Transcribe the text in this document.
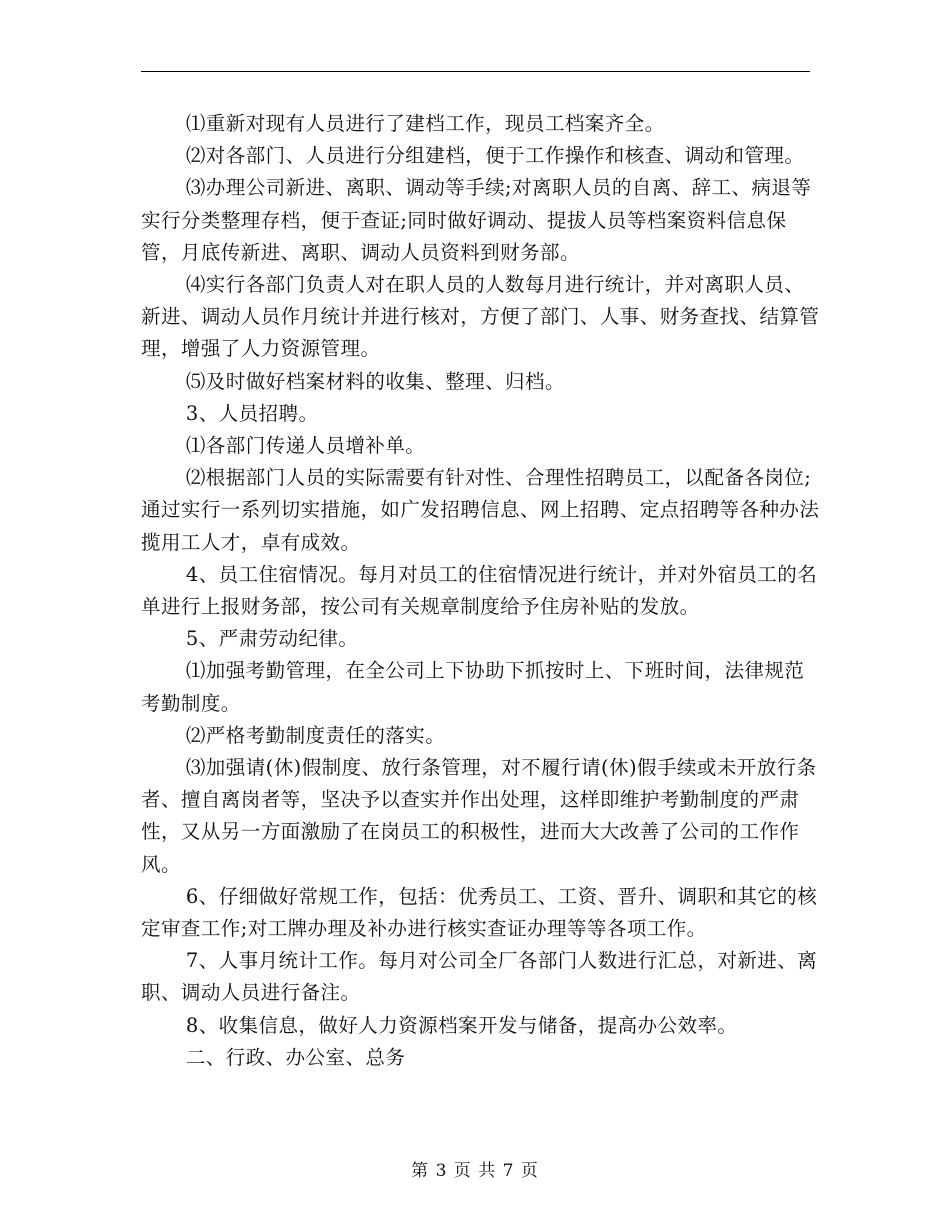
⑴重新对现有人员进行了建档工作，现员工档案齐全。

⑵对各部门、人员进行分组建档，便于工作操作和核查、调动和管理。

⑶办理公司新进、离职、调动等手续;对离职人员的自离、辞工、病退等实行分类整理存档，便于查证;同时做好调动、提拔人员等档案资料信息保管，月底传新进、离职、调动人员资料到财务部。

⑷实行各部门负责人对在职人员的人数每月进行统计，并对离职人员、新进、调动人员作月统计并进行核对，方便了部门、人事、财务查找、结算管理，增强了人力资源管理。

⑸及时做好档案材料的收集、整理、归档。

3、人员招聘。

⑴各部门传递人员增补单。

⑵根据部门人员的实际需要有针对性、合理性招聘员工，以配备各岗位;通过实行一系列切实措施，如广发招聘信息、网上招聘、定点招聘等各种办法揽用工人才，卓有成效。

4、员工住宿情况。每月对员工的住宿情况进行统计，并对外宿员工的名单进行上报财务部，按公司有关规章制度给予住房补贴的发放。

5、严肃劳动纪律。

⑴加强考勤管理，在全公司上下协助下抓按时上、下班时间，法律规范考勤制度。

⑵严格考勤制度责任的落实。

⑶加强请(休)假制度、放行条管理，对不履行请(休)假手续或未开放行条者、擅自离岗者等，坚决予以查实并作出处理，这样即维护考勤制度的严肃性，又从另一方面激励了在岗员工的积极性，进而大大改善了公司的工作作风。

6、仔细做好常规工作，包括：优秀员工、工资、晋升、调职和其它的核定审查工作;对工牌办理及补办进行核实查证办理等等各项工作。

7、人事月统计工作。每月对公司全厂各部门人数进行汇总，对新进、离职、调动人员进行备注。

8、收集信息，做好人力资源档案开发与储备，提高办公效率。

二、行政、办公室、总务

第 3 页 共 7 页
